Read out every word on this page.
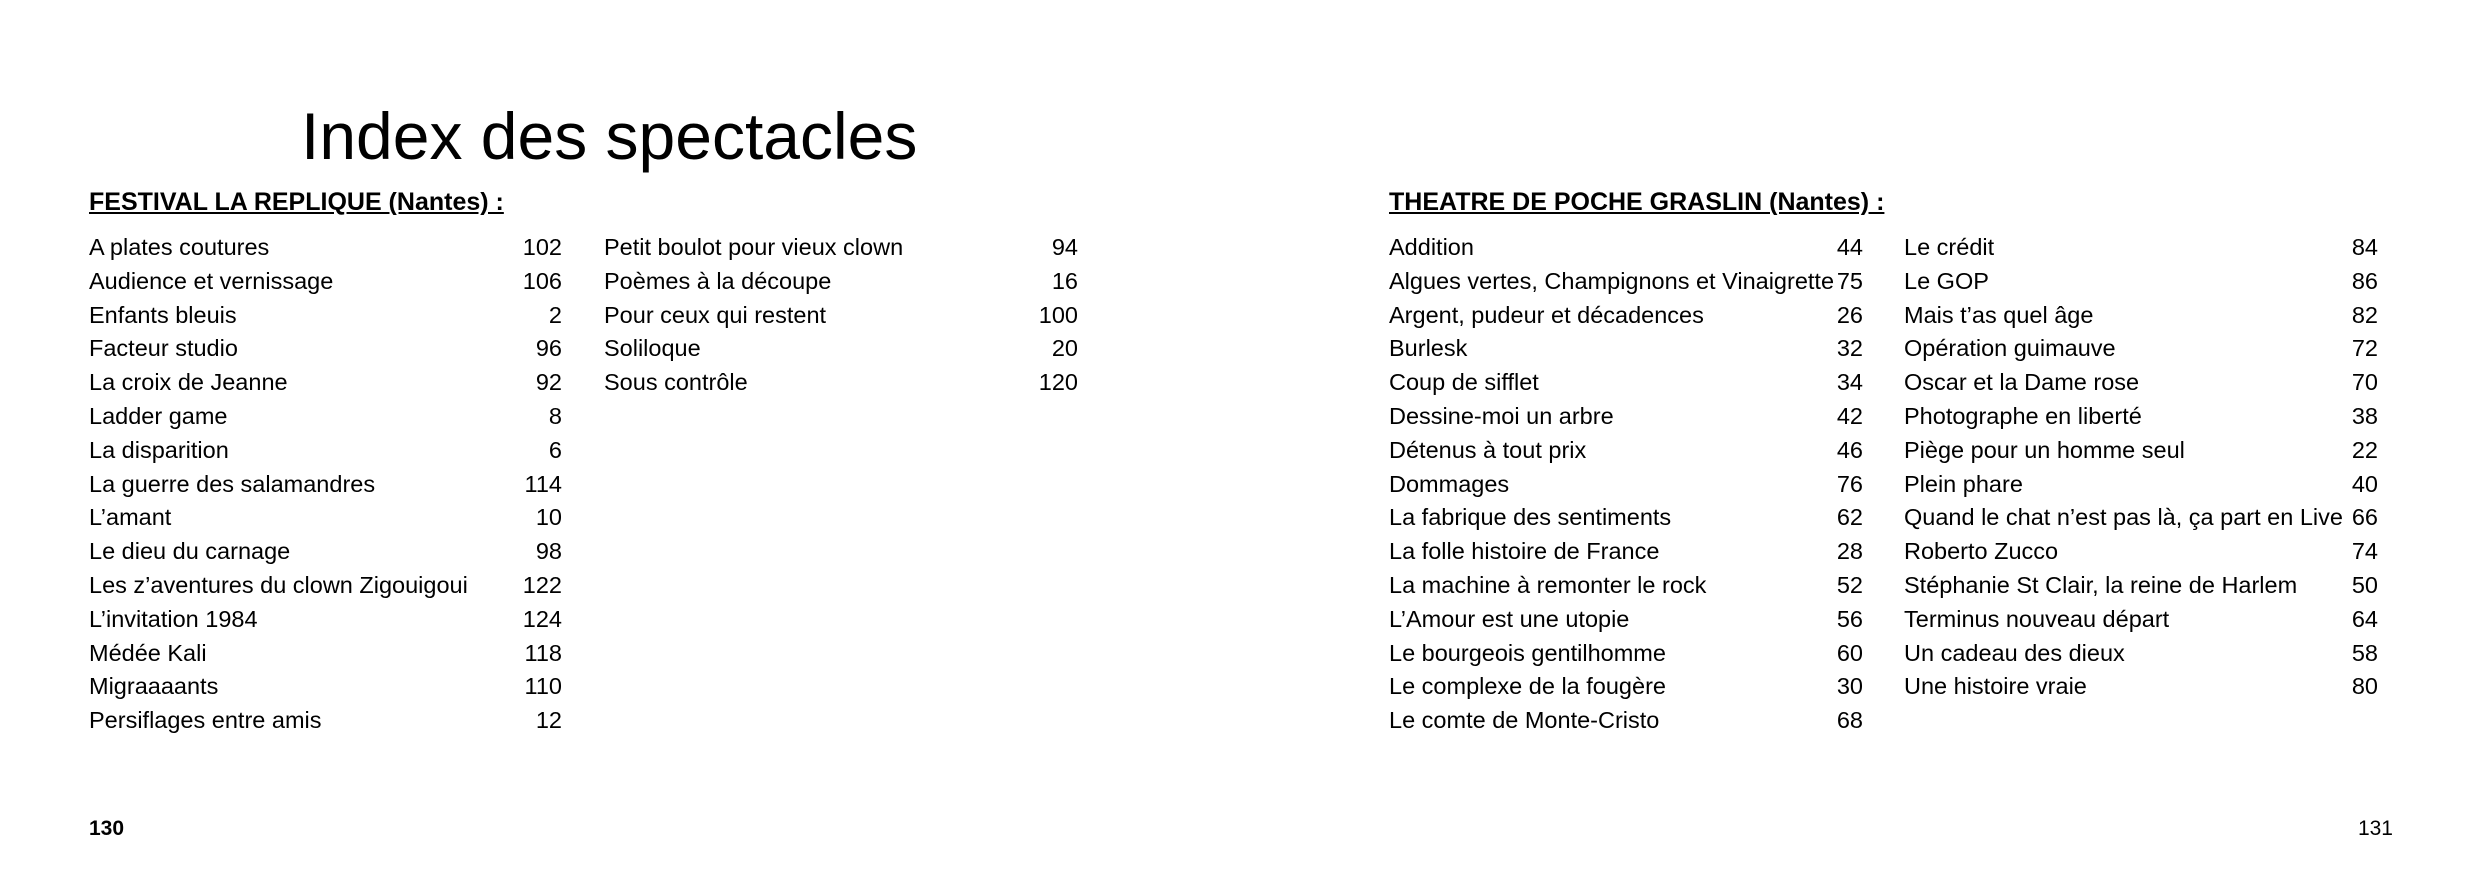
Index des spectacles
FESTIVAL LA REPLIQUE (Nantes) :	THEATRE DE POCHE GRASLIN (Nantes) :
A plates coutures	102
Audience et vernissage	106
Enfants bleuis	2
Facteur studio	96
La croix de Jeanne	92
Ladder game	8
La disparition	6
La guerre des salamandres	114
L’amant	10
Le dieu du carnage	98
Les z’aventures du clown Zigouigoui 122
L’invitation 1984	124
Médée Kali	118
Migraaaants	110
Persiflages entre amis	12
Petit boulot pour vieux clown	94
Poèmes à la découpe	16
Pour ceux qui restent	100
Soliloque	20
Sous contrôle	120
Addition	44
Algues vertes, Champignons et Vinaigrette 75
Argent, pudeur et décadences	26
Burlesk	32
Coup de sifflet	34
Dessine-moi un arbre	42
Détenus à tout prix	46
Dommages	76
La fabrique des sentiments	62
La folle histoire de France	28
La machine à remonter le rock	52
L’Amour est une utopie	56
Le bourgeois gentilhomme	60
Le complexe de la fougère	30
Le comte de Monte-Cristo	68
Le crédit	84
Le GOP	86
Mais t’as quel âge	82
Opération guimauve	72
Oscar et la Dame rose	70
Photographe en liberté	38
Piège pour un homme seul	22
Plein phare	40
Quand le chat n’est pas là, ça part en Live 66
Roberto Zucco	74
Stéphanie St Clair, la reine de Harlem 50
Terminus nouveau départ	64
Un cadeau des dieux	58
Une histoire vraie	80
130	131
